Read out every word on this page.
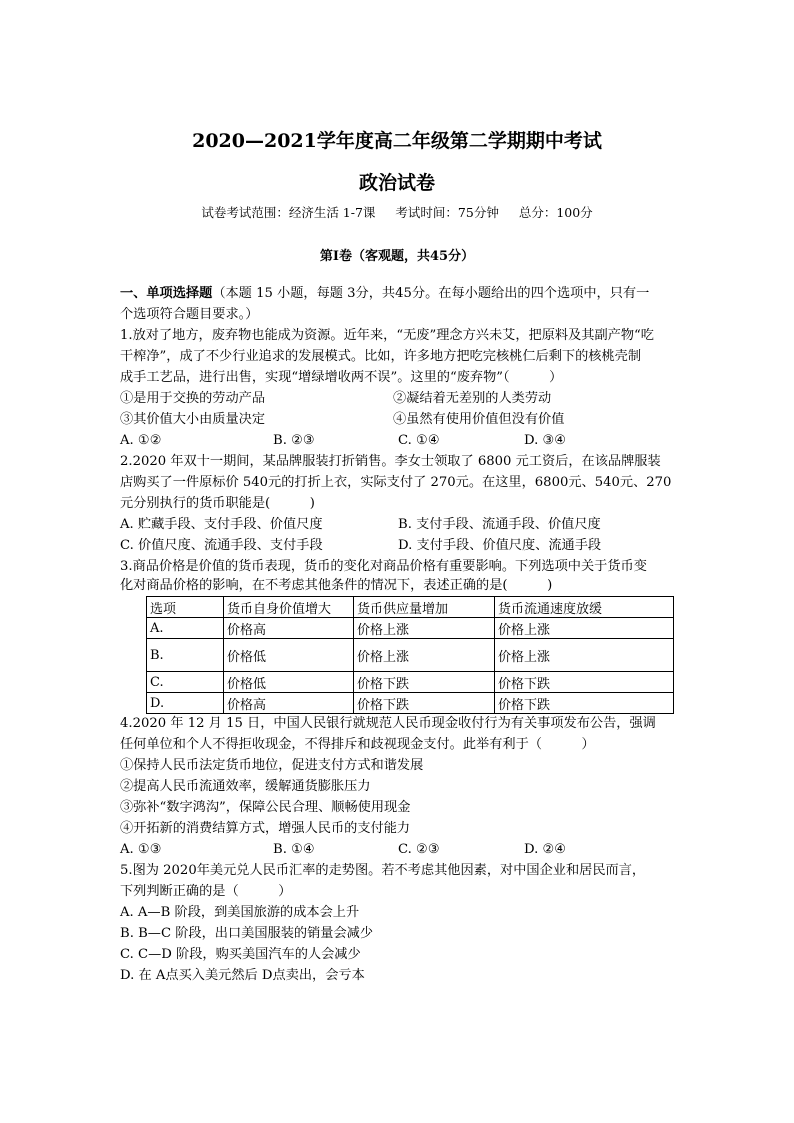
2020—2021学年度高二年级第二学期期中考试
政治试卷
试卷考试范围：经济生活 1-7课 考试时间：75分钟 总分：100分
第Ⅰ卷（客观题，共45分）
一、单项选择题（本题 15 小题，每题 3分，共45分。在每小题给出的四个选项中，只有一
个选项符合题目要求。）
1.放对了地方，废弃物也能成为资源。近年来，“无废”理念方兴未艾，把原料及其副产物“吃
干榨净”，成了不少行业追求的发展模式。比如，许多地方把吃完核桃仁后剩下的核桃壳制
成手工艺品，进行出售，实现“增绿增收两不误”。这里的“废弃物”（　　　）
①是用于交换的劳动产品	②凝结着无差别的人类劳动
③其价值大小由质量决定	④虽然有使用价值但没有价值
A. ①②	B. ②③	C. ①④	D. ③④
2.2020 年双十一期间，某品牌服装打折销售。李女士领取了 6800 元工资后，在该品牌服装
店购买了一件原标价 540元的打折上衣，实际支付了 270元。在这里，6800元、540元、270
元分别执行的货币职能是(　　　)
A. 贮藏手段、支付手段、价值尺度	B. 支付手段、流通手段、价值尺度
C. 价值尺度、流通手段、支付手段	D. 支付手段、价值尺度、流通手段
3.商品价格是价值的货币表现，货币的变化对商品价格有重要影响。下列选项中关于货币变
化对商品价格的影响，在不考虑其他条件的情况下，表述正确的是(　　　)
选项	货币自身价值增大	货币供应量增加	货币流通速度放缓
A.	价格高	价格上涨	价格上涨
B.	价格低	价格上涨	价格上涨
C.	价格低	价格下跌	价格下跌
D.	价格高	价格下跌	价格下跌
4.2020 年 12 月 15 日，中国人民银行就规范人民币现金收付行为有关事项发布公告，强调
任何单位和个人不得拒收现金，不得排斥和歧视现金支付。此举有利于（　　　）
①保持人民币法定货币地位，促进支付方式和谐发展
②提高人民币流通效率，缓解通货膨胀压力
③弥补“数字鸿沟”，保障公民合理、顺畅使用现金
④开拓新的消费结算方式，增强人民币的支付能力
A. ①③	B. ①④	C. ②③	D. ②④
5.图为 2020年美元兑人民币汇率的走势图。若不考虑其他因素，对中国企业和居民而言，
下列判断正确的是（　　　）
A. A—B 阶段，到美国旅游的成本会上升
B. B—C 阶段，出口美国服装的销量会减少
C. C—D 阶段，购买美国汽车的人会减少
D. 在 A点买入美元然后 D点卖出，会亏本
